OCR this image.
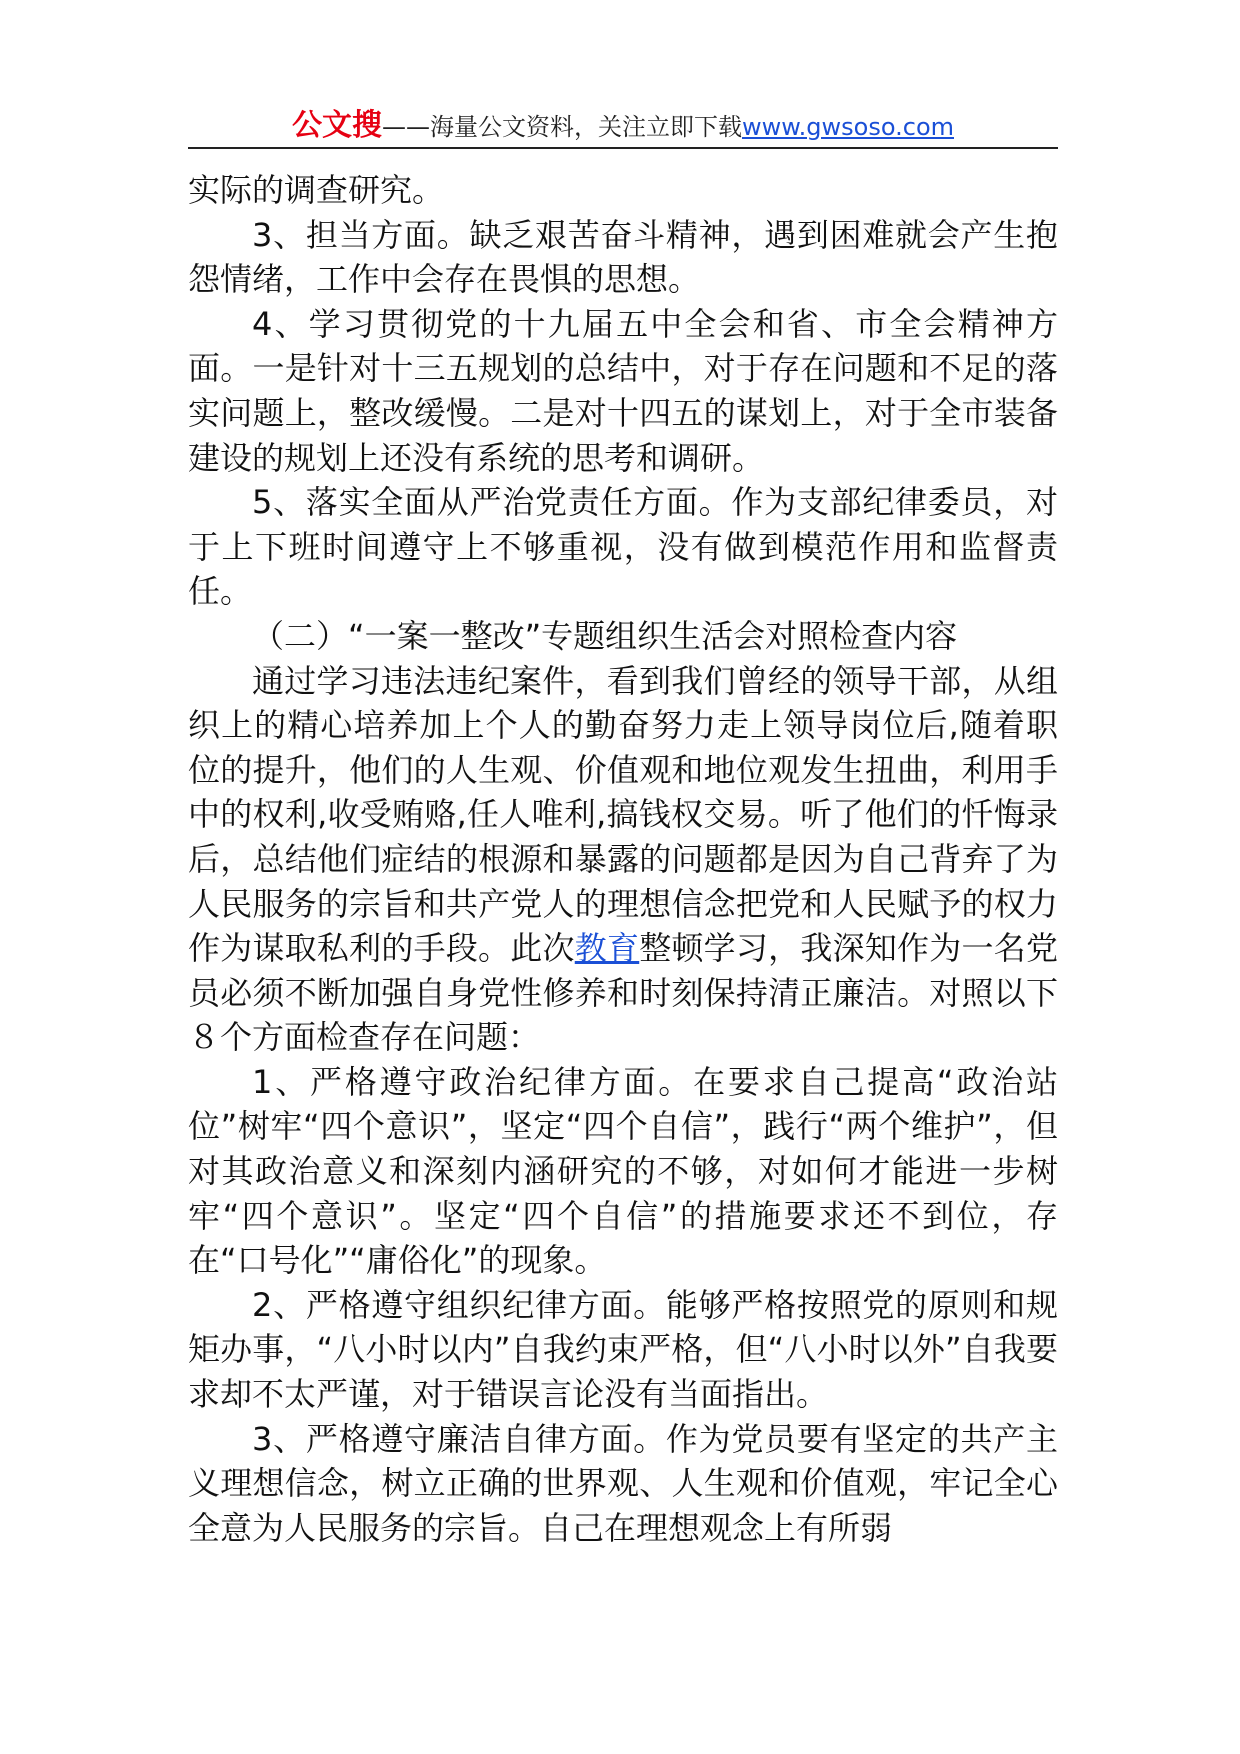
公文搜——海量公文资料，关注立即下载www.gwsoso.com

实际的调查研究。

3、担当方面。缺乏艰苦奋斗精神，遇到困难就会产生抱怨情绪，工作中会存在畏惧的思想。

4、学习贯彻党的十九届五中全会和省、市全会精神方面。一是针对十三五规划的总结中，对于存在问题和不足的落实问题上，整改缓慢。二是对十四五的谋划上，对于全市装备建设的规划上还没有系统的思考和调研。

5、落实全面从严治党责任方面。作为支部纪律委员，对于上下班时间遵守上不够重视，没有做到模范作用和监督责任。

（二）“一案一整改”专题组织生活会对照检查内容

通过学习违法违纪案件，看到我们曾经的领导干部，从组织上的精心培养加上个人的勤奋努力走上领导岗位后,随着职位的提升，他们的人生观、价值观和地位观发生扭曲，利用手中的权利,收受贿赂,任人唯利,搞钱权交易。听了他们的忏悔录后，总结他们症结的根源和暴露的问题都是因为自己背弃了为人民服务的宗旨和共产党人的理想信念把党和人民赋予的权力作为谋取私利的手段。此次教育整顿学习，我深知作为一名党员必须不断加强自身党性修养和时刻保持清正廉洁。对照以下８个方面检查存在问题：

1、严格遵守政治纪律方面。在要求自己提高“政治站位”树牢“四个意识”，坚定“四个自信”，践行“两个维护”，但对其政治意义和深刻内涵研究的不够，对如何才能进一步树牢“四个意识”。坚定“四个自信”的措施要求还不到位，存在“口号化”“庸俗化”的现象。

2、严格遵守组织纪律方面。能够严格按照党的原则和规矩办事，“八小时以内”自我约束严格，但“八小时以外”自我要求却不太严谨，对于错误言论没有当面指出。

3、严格遵守廉洁自律方面。作为党员要有坚定的共产主义理想信念，树立正确的世界观、人生观和价值观，牢记全心全意为人民服务的宗旨。自己在理想观念上有所弱
